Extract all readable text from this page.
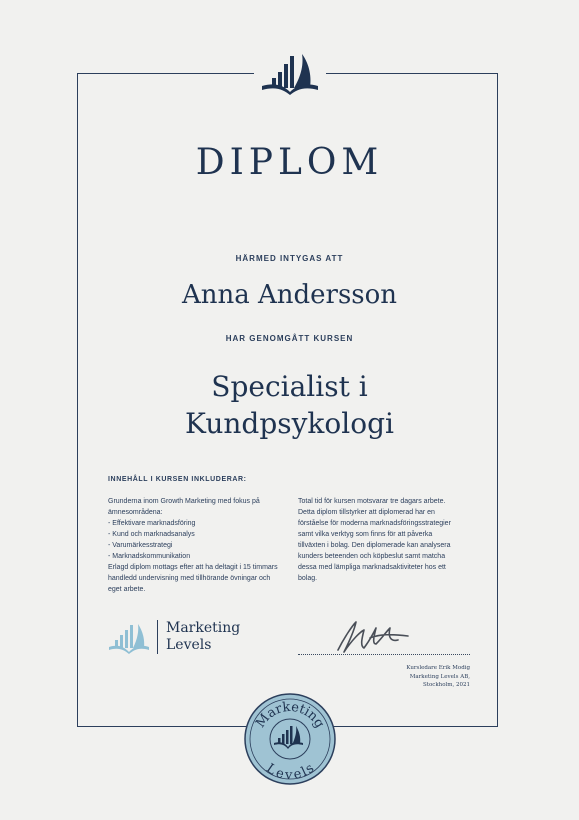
DIPLOM
HÄRMED INTYGAS ATT
Anna Andersson
HAR GENOMGÅTT KURSEN
Specialist i
Kundpsykologi
INNEHÅLL I KURSEN INKLUDERAR:
Grunderna inom Growth Marketing med fokus på ämnesområdena:
- Effektivare marknadsföring
- Kund och marknadsanalys
- Varumärkesstrategi
- Marknadskommunikation
Erlagd diplom mottags efter att ha deltagit i 15 timmars handledd undervisning med tillhörande övningar och eget arbete.
Total tid för kursen motsvarar tre dagars arbete. Detta diplom tillstyrker att diplomerad har en förståelse för moderna marknadsföringsstrategier samt vilka verktyg som finns för att påverka tillväxten i bolag. Den diplomerade kan analysera kunders beteenden och köpbeslut samt matcha dessa med lämpliga marknadsaktiviteter hos ett bolag.
Marketing
Levels
Kursledare Erik Modig
Marketing Levels AB,
Stockholm, 2021
Marketing
Levels
